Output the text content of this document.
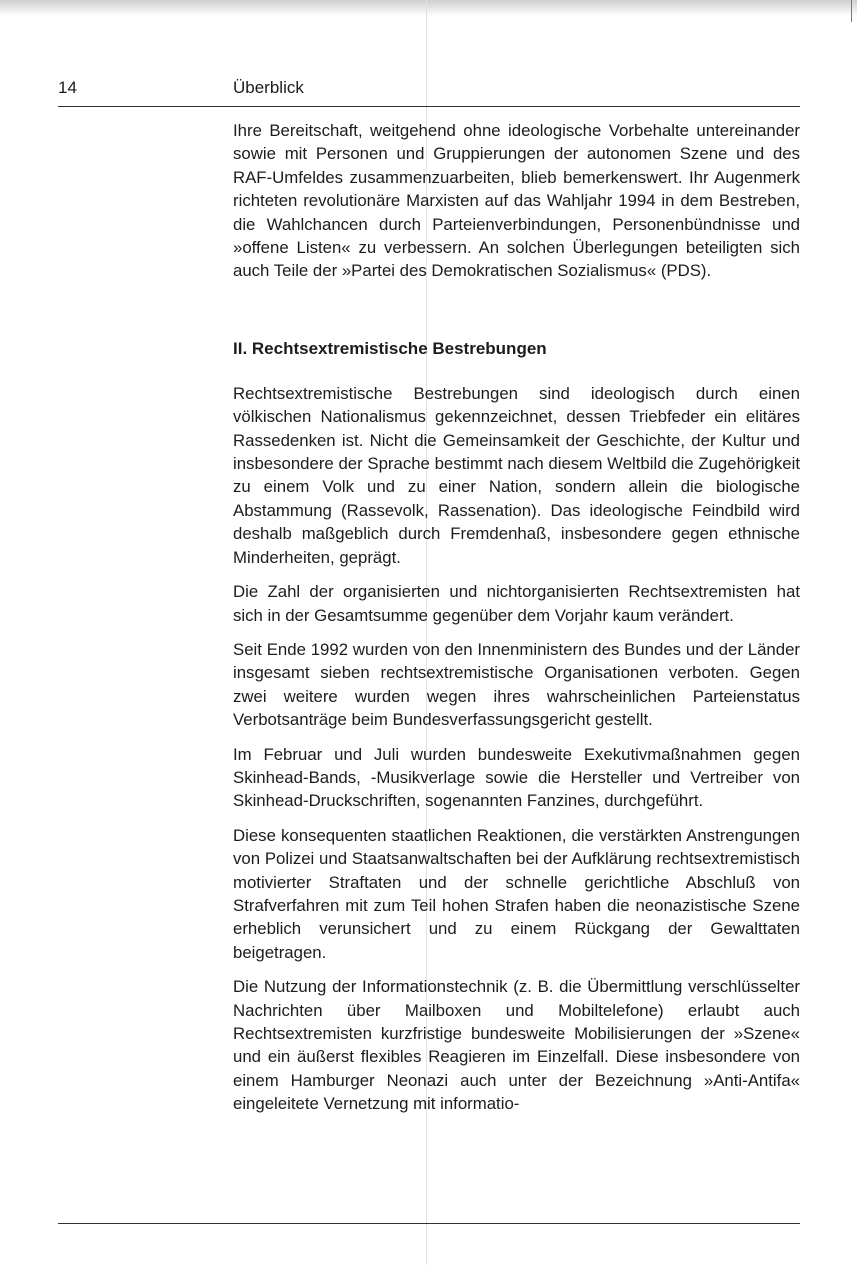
14	Überblick

Ihre Bereitschaft, weitgehend ohne ideologische Vorbehalte untereinander sowie mit Personen und Gruppierungen der autonomen Szene und des RAF-Umfeldes zusammenzuarbeiten, blieb bemerkenswert. Ihr Augenmerk richteten revolutionäre Marxisten auf das Wahljahr 1994 in dem Bestreben, die Wahlchancen durch Parteienverbindungen, Personenbündnisse und »offene Listen« zu verbessern. An solchen Überlegungen beteiligten sich auch Teile der »Partei des Demokratischen Sozialismus« (PDS).

II. Rechtsextremistische Bestrebungen

Rechtsextremistische Bestrebungen sind ideologisch durch einen völkischen Nationalismus gekennzeichnet, dessen Triebfeder ein elitäres Rassedenken ist. Nicht die Gemeinsamkeit der Geschichte, der Kultur und insbesondere der Sprache bestimmt nach diesem Weltbild die Zugehörigkeit zu einem Volk und zu einer Nation, sondern allein die biologische Abstammung (Rassevolk, Rassenation). Das ideologische Feindbild wird deshalb maßgeblich durch Fremdenhaß, insbesondere gegen ethnische Minderheiten, geprägt.

Die Zahl der organisierten und nichtorganisierten Rechtsextremisten hat sich in der Gesamtsumme gegenüber dem Vorjahr kaum verändert.

Seit Ende 1992 wurden von den Innenministern des Bundes und der Länder insgesamt sieben rechtsextremistische Organisationen verboten. Gegen zwei weitere wurden wegen ihres wahrscheinlichen Parteienstatus Verbotsanträge beim Bundesverfassungsgericht gestellt.

Im Februar und Juli wurden bundesweite Exekutivmaßnahmen gegen Skinhead-Bands, -Musikverlage sowie die Hersteller und Vertreiber von Skinhead-Druckschriften, sogenannten Fanzines, durchgeführt.

Diese konsequenten staatlichen Reaktionen, die verstärkten Anstrengungen von Polizei und Staatsanwaltschaften bei der Aufklärung rechtsextremistisch motivierter Straftaten und der schnelle gerichtliche Abschluß von Strafverfahren mit zum Teil hohen Strafen haben die neonazistische Szene erheblich verunsichert und zu einem Rückgang der Gewalttaten beigetragen.

Die Nutzung der Informationstechnik (z. B. die Übermittlung verschlüsselter Nachrichten über Mailboxen und Mobiltelefone) erlaubt auch Rechtsextremisten kurzfristige bundesweite Mobilisierungen der »Szene« und ein äußerst flexibles Reagieren im Einzelfall. Diese insbesondere von einem Hamburger Neonazi auch unter der Bezeichnung »Anti-Antifa« eingeleitete Vernetzung mit informatio-
